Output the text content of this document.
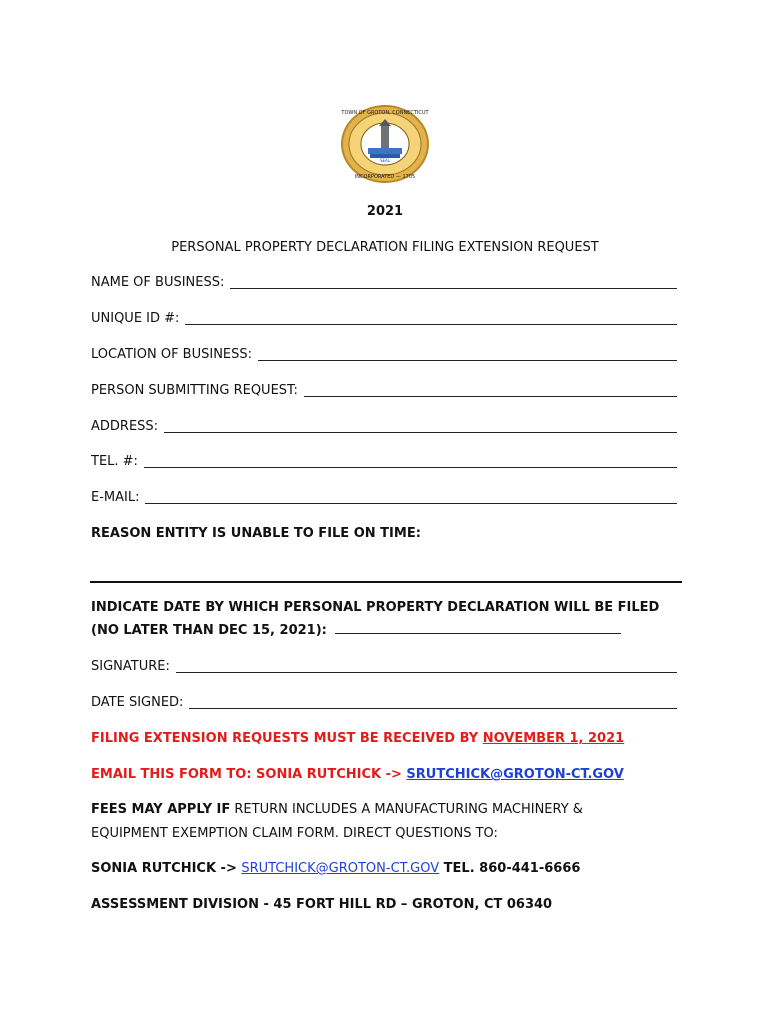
SEAL
TOWN OF GROTON, CONNECTICUT
INCORPORATED — 1705
2021
PERSONAL PROPERTY DECLARATION FILING EXTENSION REQUEST
NAME OF BUSINESS:
UNIQUE ID #:
LOCATION OF BUSINESS:
PERSON SUBMITTING REQUEST:
ADDRESS:
TEL. #:
E-MAIL:
REASON ENTITY IS UNABLE TO FILE ON TIME:
INDICATE DATE BY WHICH PERSONAL PROPERTY DECLARATION WILL BE FILED
(NO LATER THAN DEC 15, 2021):
SIGNATURE:
DATE SIGNED:
FILING EXTENSION REQUESTS MUST BE RECEIVED BY NOVEMBER 1, 2021
EMAIL THIS FORM TO: SONIA RUTCHICK -> SRUTCHICK@GROTON-CT.GOV
FEES MAY APPLY IF RETURN INCLUDES A MANUFACTURING MACHINERY &
EQUIPMENT EXEMPTION CLAIM FORM. DIRECT QUESTIONS TO:
SONIA RUTCHICK -> SRUTCHICK@GROTON-CT.GOV TEL. 860-441-6666
ASSESSMENT DIVISION - 45 FORT HILL RD – GROTON, CT 06340
